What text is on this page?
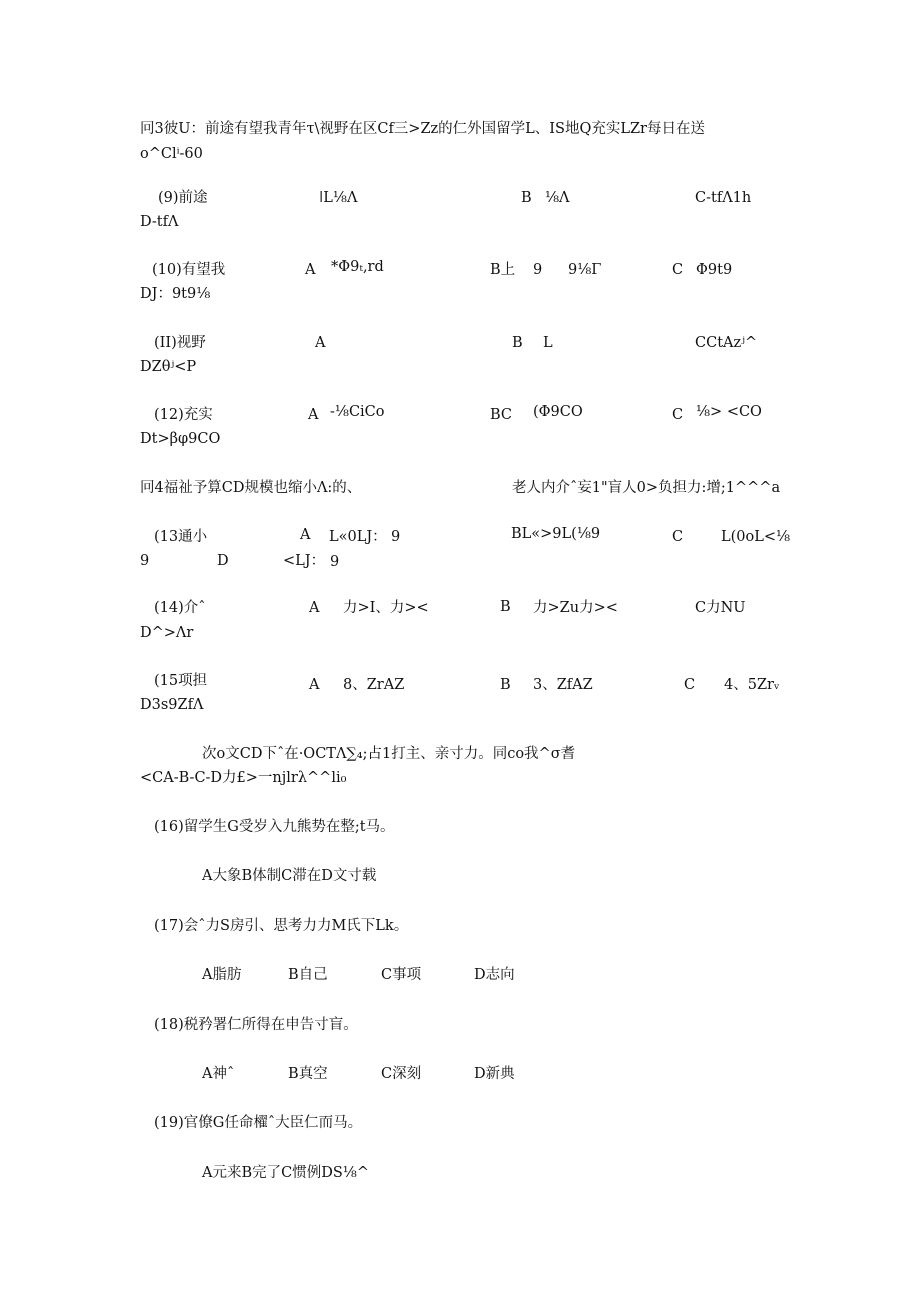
冋3彼U：前途有望我青年τ\视野在区Cf三>Zz的仁外国留学L、IS地Q充实LZr每日在送
o^Clⁱ-60
(9)前途	ǀL⅛Λ	B ⅛Λ	C-tfΛ1h
D-tfΛ
(10)有望我	A *Φ9ₜ,rd	B上 9 9⅛Γ	C Φ9t9
DJ：9t9⅛
(II)视野	A	B L	CCtAzʲ^
DZθʲ<P
(12)充实	A -⅛CiCo	BC (Φ9CO	C ⅛> <CO
Dt>βφ9CO
冋4福祉予算CD规模也缩小Λ:的、	老人内介ˆ妄1"盲人0>负担力:增;1^^^a
(13通小	A L«0LJ： 9	BL«>9L(⅛9	C	L(0oL<⅛
9	D	<LJ： 9
(14)介ˆ	A 力>I、力><	B 力>Zu力><	C力NU
D^>Λr
(15项担	A 8、ZrAZ	B 3、ZfAZ	C 4、5Zrᵥ
D3s9ZfΛ
次o文CD下ˆ在·OCTΛ∑₄;占1打主、亲寸力。同co我^σ耆
<CA-B-C-D力£>一njlrλ^^li₀
(16)留学生G受岁入九熊势在整;t马。
A大象B体制C滞在D文寸载
(17)会ˆ力S房引、思考力力M氏下Lk。
A脂肪	B自己	C事项	D志向
(18)税矜署仁所得在申告寸盲。
A神ˆ	B真空	C深刻	D新典
(19)官僚G任命櫂ˆ大臣仁而马。
A元来B完了C惯例DS⅛^
